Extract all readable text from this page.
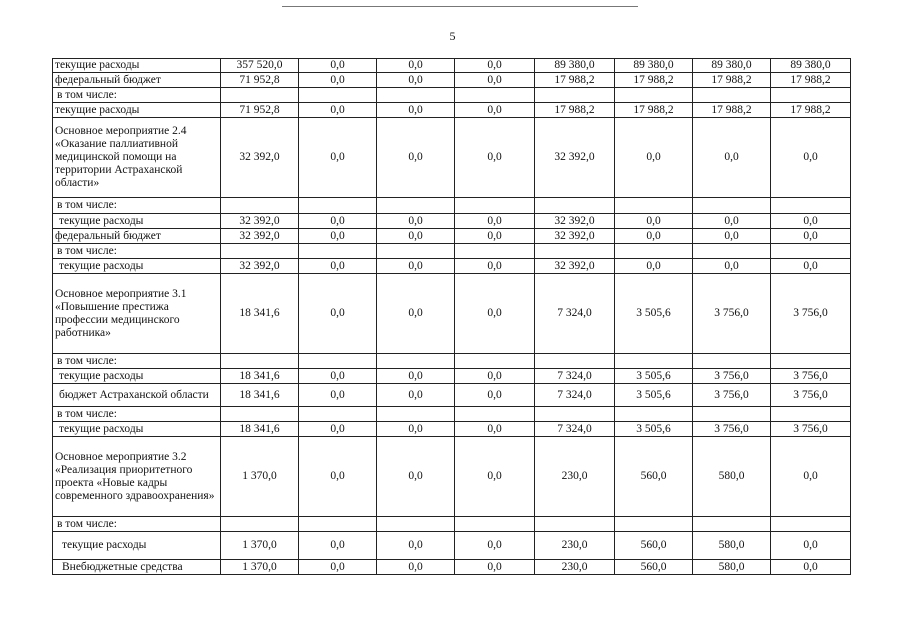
5
текущие расходы	357 520,0	0,0	0,0	0,0	89 380,0	89 380,0	89 380,0	89 380,0
федеральный бюджет	71 952,8	0,0	0,0	0,0	17 988,2	17 988,2	17 988,2	17 988,2
в том числе:								
текущие расходы	71 952,8	0,0	0,0	0,0	17 988,2	17 988,2	17 988,2	17 988,2
Основное мероприятие 2.4 «Оказание паллиативной медицинской помощи на территории Астраханской области»	32 392,0	0,0	0,0	0,0	32 392,0	0,0	0,0	0,0
в том числе:								
текущие расходы	32 392,0	0,0	0,0	0,0	32 392,0	0,0	0,0	0,0
федеральный бюджет	32 392,0	0,0	0,0	0,0	32 392,0	0,0	0,0	0,0
в том числе:								
текущие расходы	32 392,0	0,0	0,0	0,0	32 392,0	0,0	0,0	0,0
Основное мероприятие 3.1 «Повышение престижа профессии медицинского работника»	18 341,6	0,0	0,0	0,0	7 324,0	3 505,6	3 756,0	3 756,0
в том числе:								
текущие расходы	18 341,6	0,0	0,0	0,0	7 324,0	3 505,6	3 756,0	3 756,0
бюджет Астраханской области	18 341,6	0,0	0,0	0,0	7 324,0	3 505,6	3 756,0	3 756,0
в том числе:								
текущие расходы	18 341,6	0,0	0,0	0,0	7 324,0	3 505,6	3 756,0	3 756,0
Основное мероприятие 3.2 «Реализация приоритетного проекта «Новые кадры современного здравоохранения»	1 370,0	0,0	0,0	0,0	230,0	560,0	580,0	0,0
в том числе:								
текущие расходы	1 370,0	0,0	0,0	0,0	230,0	560,0	580,0	0,0
Внебюджетные средства	1 370,0	0,0	0,0	0,0	230,0	560,0	580,0	0,0
